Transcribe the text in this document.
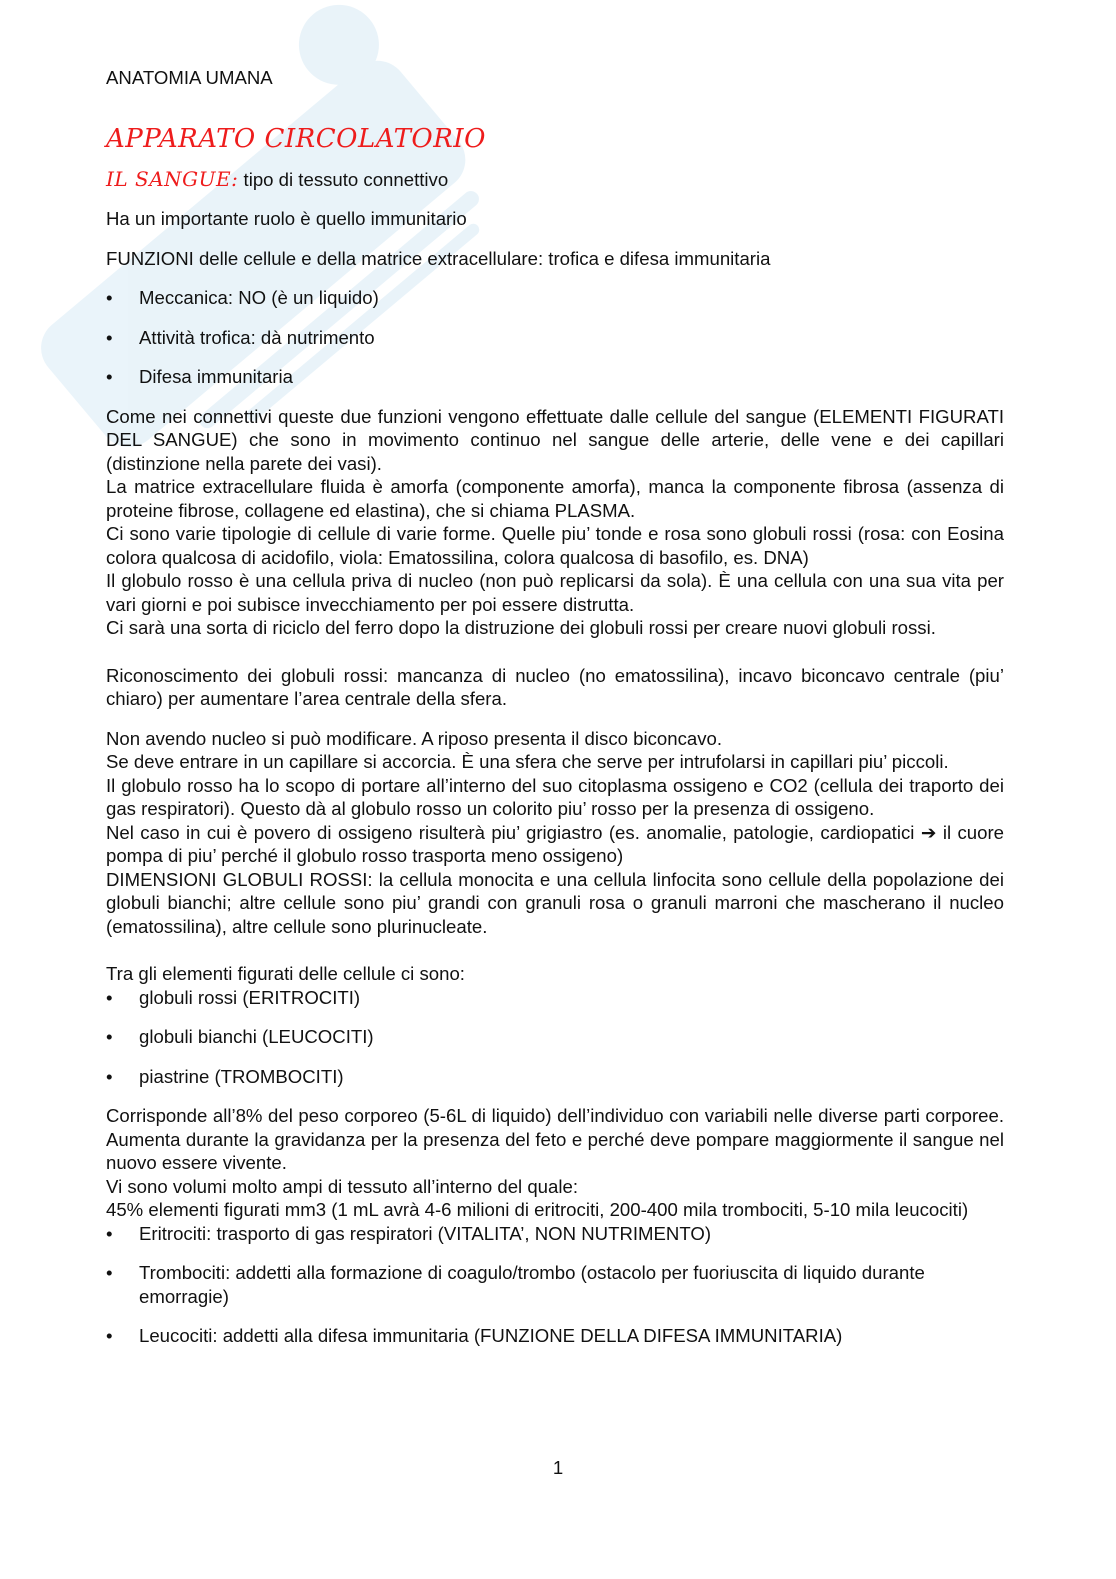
ANATOMIA UMANA
APPARATO CIRCOLATORIO
IL SANGUE: tipo di tessuto connettivo

Ha un importante ruolo è quello immunitario

FUNZIONI delle cellule e della matrice extracellulare: trofica e difesa immunitaria

• Meccanica: NO (è un liquido)
• Attività trofica: dà nutrimento
• Difesa immunitaria

Come nei connettivi queste due funzioni vengono effettuate dalle cellule del sangue (ELEMENTI FIGURATI DEL SANGUE) che sono in movimento continuo nel sangue delle arterie, delle vene e dei capillari (distinzione nella parete dei vasi).

La matrice extracellulare fluida è amorfa (componente amorfa), manca la componente fibrosa (assenza di proteine fibrose, collagene ed elastina), che si chiama PLASMA.

Ci sono varie tipologie di cellule di varie forme. Quelle piu’ tonde e rosa sono globuli rossi (rosa: con Eosina colora qualcosa di acidofilo, viola: Ematossilina, colora qualcosa di basofilo, es. DNA)

Il globulo rosso è una cellula priva di nucleo (non può replicarsi da sola). È una cellula con una sua vita per vari giorni e poi subisce invecchiamento per poi essere distrutta.

Ci sarà una sorta di riciclo del ferro dopo la distruzione dei globuli rossi per creare nuovi globuli rossi.

Riconoscimento dei globuli rossi: mancanza di nucleo (no ematossilina), incavo biconcavo centrale (piu’ chiaro) per aumentare l’area centrale della sfera.

Non avendo nucleo si può modificare. A riposo presenta il disco biconcavo.

Se deve entrare in un capillare si accorcia. È una sfera che serve per intrufolarsi in capillari piu’ piccoli.

Il globulo rosso ha lo scopo di portare all’interno del suo citoplasma ossigeno e CO2 (cellula dei traporto dei gas respiratori). Questo dà al globulo rosso un colorito piu’ rosso per la presenza di ossigeno.

Nel caso in cui è povero di ossigeno risulterà piu’ grigiastro (es. anomalie, patologie, cardiopatici ➔ il cuore pompa di piu’ perché il globulo rosso trasporta meno ossigeno)

DIMENSIONI GLOBULI ROSSI: la cellula monocita e una cellula linfocita sono cellule della popolazione dei globuli bianchi; altre cellule sono piu’ grandi con granuli rosa o granuli marroni che mascherano il nucleo (ematossilina), altre cellule sono plurinucleate.

Tra gli elementi figurati delle cellule ci sono:

• globuli rossi (ERITROCITI)
• globuli bianchi (LEUCOCITI)
• piastrine (TROMBOCITI)

Corrisponde all’8% del peso corporeo (5-6L di liquido) dell’individuo con variabili nelle diverse parti corporee. Aumenta durante la gravidanza per la presenza del feto e perché deve pompare maggiormente il sangue nel nuovo essere vivente.

Vi sono volumi molto ampi di tessuto all’interno del quale:

45% elementi figurati mm3 (1 mL avrà 4-6 milioni di eritrociti, 200-400 mila trombociti, 5-10 mila leucociti)

• Eritrociti: trasporto di gas respiratori (VITALITA’, NON NUTRIMENTO)
• Trombociti: addetti alla formazione di coagulo/trombo (ostacolo per fuoriuscita di liquido durante emorragie)
• Leucociti: addetti alla difesa immunitaria (FUNZIONE DELLA DIFESA IMMUNITARIA)
1
